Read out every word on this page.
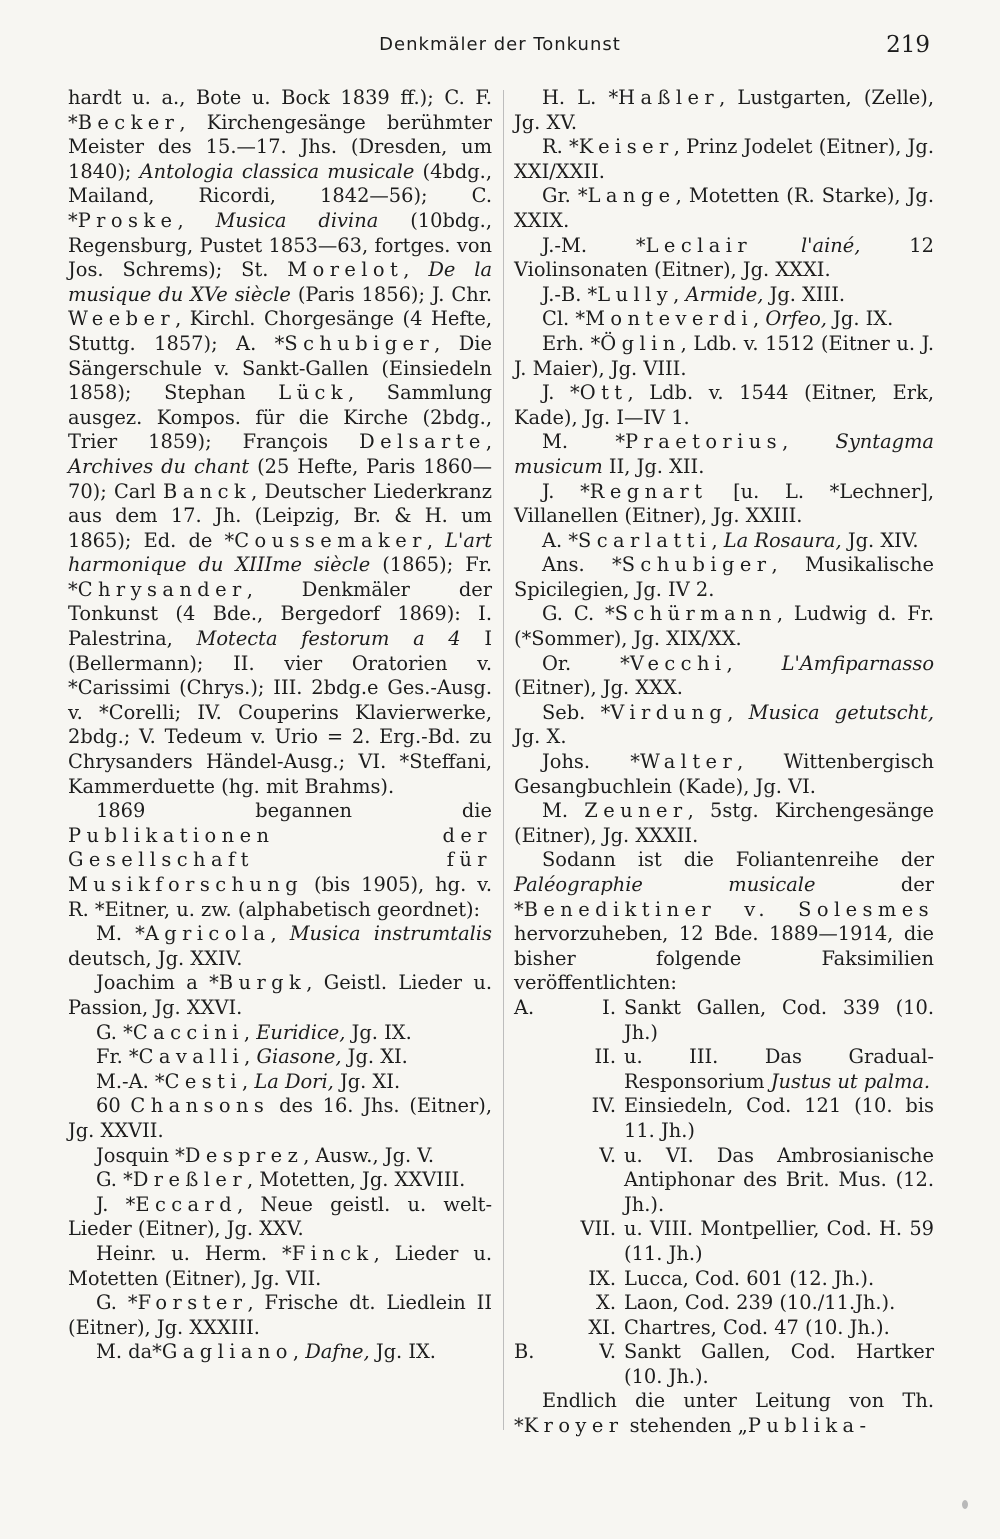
Denkmäler der Tonkunst	219

hardt u. a., Bote u. Bock 1839 ff.); C. F. *Becker, Kirchengesänge berühmter Meister des 15.—17. Jhs. (Dresden, um 1840); Antologia classica musicale (4bdg., Mailand, Ricordi, 1842—56); C. *Proske, Musica divina (10bdg., Regensburg, Pustet 1853—63, fortges. von Jos. Schrems); St. Morelot, De la musique du XVe siècle (Paris 1856); J. Chr. Weeber, Kirchl. Chorgesänge (4 Hefte, Stuttg. 1857); A. *Schubiger, Die Sängerschule v. Sankt-Gallen (Einsiedeln 1858); Stephan Lück, Sammlung ausgez. Kompos. für die Kirche (2bdg., Trier 1859); François Delsarte, Archives du chant (25 Hefte, Paris 1860—70); Carl Banck, Deutscher Liederkranz aus dem 17. Jh. (Leipzig, Br. & H. um 1865); Ed. de *Coussemaker, L'art harmonique du XIIIme siècle (1865); Fr. *Chrysander, Denkmäler der Tonkunst (4 Bde., Bergedorf 1869): I. Palestrina, Motecta festorum a 4 I (Bellermann); II. vier Oratorien v. *Carissimi (Chrys.); III. 2bdg.e Ges.-Ausg. v. *Corelli; IV. Couperins Klavierwerke, 2bdg.; V. Tedeum v. Urio = 2. Erg.-Bd. zu Chrysanders Händel-Ausg.; VI. *Steffani, Kammerduette (hg. mit Brahms).

1869 begannen die Publikationen der Gesellschaft für Musikforschung (bis 1905), hg. v. R. *Eitner, u. zw. (alphabetisch geordnet):

M. *Agricola, Musica instrumtalis deutsch, Jg. XXIV.

Joachim a *Burgk, Geistl. Lieder u. Passion, Jg. XXVI.

G. *Caccini, Euridice, Jg. IX.

Fr. *Cavalli, Giasone, Jg. XI.

M.-A. *Cesti, La Dori, Jg. XI.

60 Chansons des 16. Jhs. (Eitner), Jg. XXVII.

Josquin *Desprez, Ausw., Jg. V.

G. *Dreßler, Motetten, Jg. XXVIII.

J. *Eccard, Neue geistl. u. welt-Lieder (Eitner), Jg. XXV.

Heinr. u. Herm. *Finck, Lieder u. Motetten (Eitner), Jg. VII.

G. *Forster, Frische dt. Liedlein II (Eitner), Jg. XXXIII.

M. da*Gagliano, Dafne, Jg. IX.

H. L. *Haßler, Lustgarten, (Zelle), Jg. XV.

R. *Keiser, Prinz Jodelet (Eitner), Jg. XXI/XXII.

Gr. *Lange, Motetten (R. Starke), Jg. XXIX.

J.-M. *Leclair	l'ainé, 12 Violinsonaten (Eitner), Jg. XXXI.

J.-B. *Lully, Armide, Jg. XIII.

Cl. *Monteverdi, Orfeo, Jg. IX.

Erh. *Öglin, Ldb. v. 1512 (Eitner u. J. J. Maier), Jg. VIII.

J. *Ott, Ldb. v. 1544 (Eitner, Erk, Kade), Jg. I—IV 1.

M. *Praetorius, Syntagma musicum II, Jg. XII.

J. *Regnart [u. L. *Lechner], Villanellen (Eitner), Jg. XXIII.

A. *Scarlatti, La Rosaura, Jg. XIV.

Ans. *Schubiger, Musikalische Spicilegien, Jg. IV 2.

G. C. *Schürmann, Ludwig d. Fr. (*Sommer), Jg. XIX/XX.

Or. *Vecchi, L'Amfiparnasso (Eitner), Jg. XXX.

Seb. *Virdung, Musica getutscht, Jg. X.

Johs. *Walter, Wittenbergisch Gesangbuchlein (Kade), Jg. VI.

M. Zeuner, 5stg. Kirchengesänge (Eitner), Jg. XXXII.

Sodann ist die Foliantenreihe der Paléographie musicale der *Benediktiner v. Solesmes hervorzuheben, 12 Bde. 1889—1914, die bisher folgende Faksimilien veröffentlichten:

A.	I. Sankt Gallen, Cod. 339 (10. Jh.)
II. u. III. Das Gradual-Responsorium Justus ut palma.
IV. Einsiedeln, Cod. 121 (10. bis 11. Jh.)
V. u. VI. Das Ambrosianische Antiphonar des Brit. Mus. (12. Jh.).
VII. u. VIII. Montpellier, Cod. H. 59 (11. Jh.)
IX. Lucca, Cod. 601 (12. Jh.).
X. Laon, Cod. 239 (10./11.Jh.).
XI. Chartres, Cod. 47 (10. Jh.).
B.	V. Sankt Gallen, Cod. Hartker (10. Jh.).

Endlich die unter Leitung von Th. *Kroyer stehenden „Publika-
